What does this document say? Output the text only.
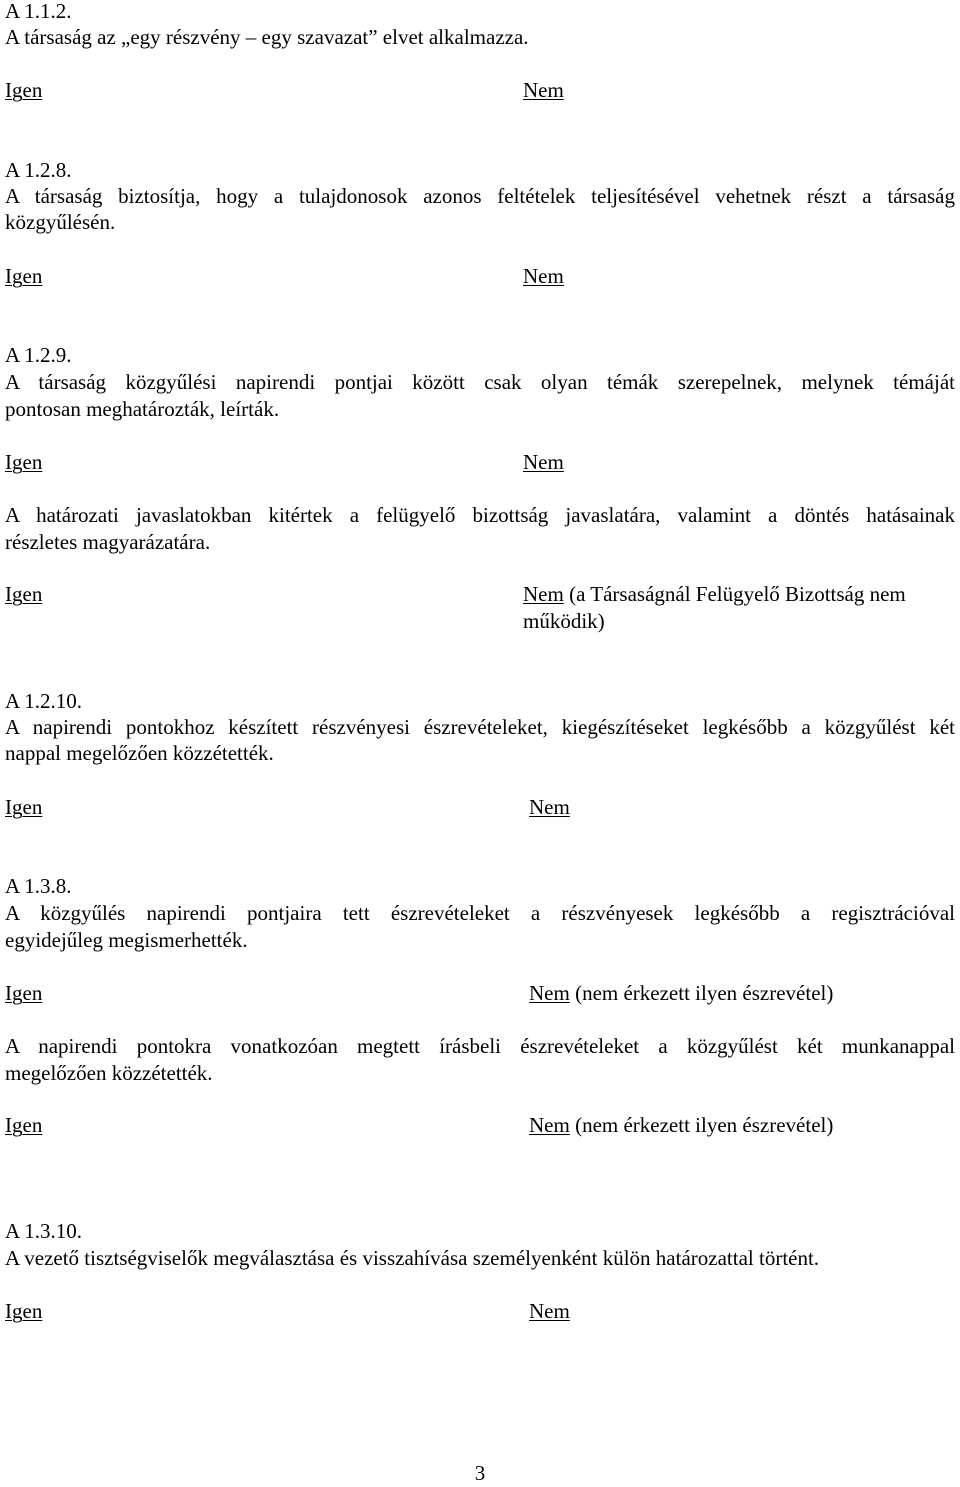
A 1.1.2.
A társaság az „egy részvény – egy szavazat” elvet alkalmazza.
Igen	Nem
A 1.2.8.
A társaság biztosítja, hogy a tulajdonosok azonos feltételek teljesítésével vehetnek részt a társaság
közgyűlésén.
Igen	Nem
A 1.2.9.
A társaság közgyűlési napirendi pontjai között csak olyan témák szerepelnek, melynek témáját
pontosan meghatározták, leírták.
Igen	Nem
A határozati javaslatokban kitértek a felügyelő bizottság javaslatára, valamint a döntés hatásainak
részletes magyarázatára.
Igen	Nem (a Társaságnál Felügyelő Bizottság nem
működik)
A 1.2.10.
A napirendi pontokhoz készített részvényesi észrevételeket, kiegészítéseket legkésőbb a közgyűlést két
nappal megelőzően közzétették.
Igen	Nem
A 1.3.8.
A közgyűlés napirendi pontjaira tett észrevételeket a részvényesek legkésőbb a regisztrációval
egyidejűleg megismerhették.
Igen	Nem (nem érkezett ilyen észrevétel)
A napirendi pontokra vonatkozóan megtett írásbeli észrevételeket a közgyűlést két munkanappal
megelőzően közzétették.
Igen	Nem (nem érkezett ilyen észrevétel)
A 1.3.10.
A vezető tisztségviselők megválasztása és visszahívása személyenként külön határozattal történt.
Igen	Nem
3
